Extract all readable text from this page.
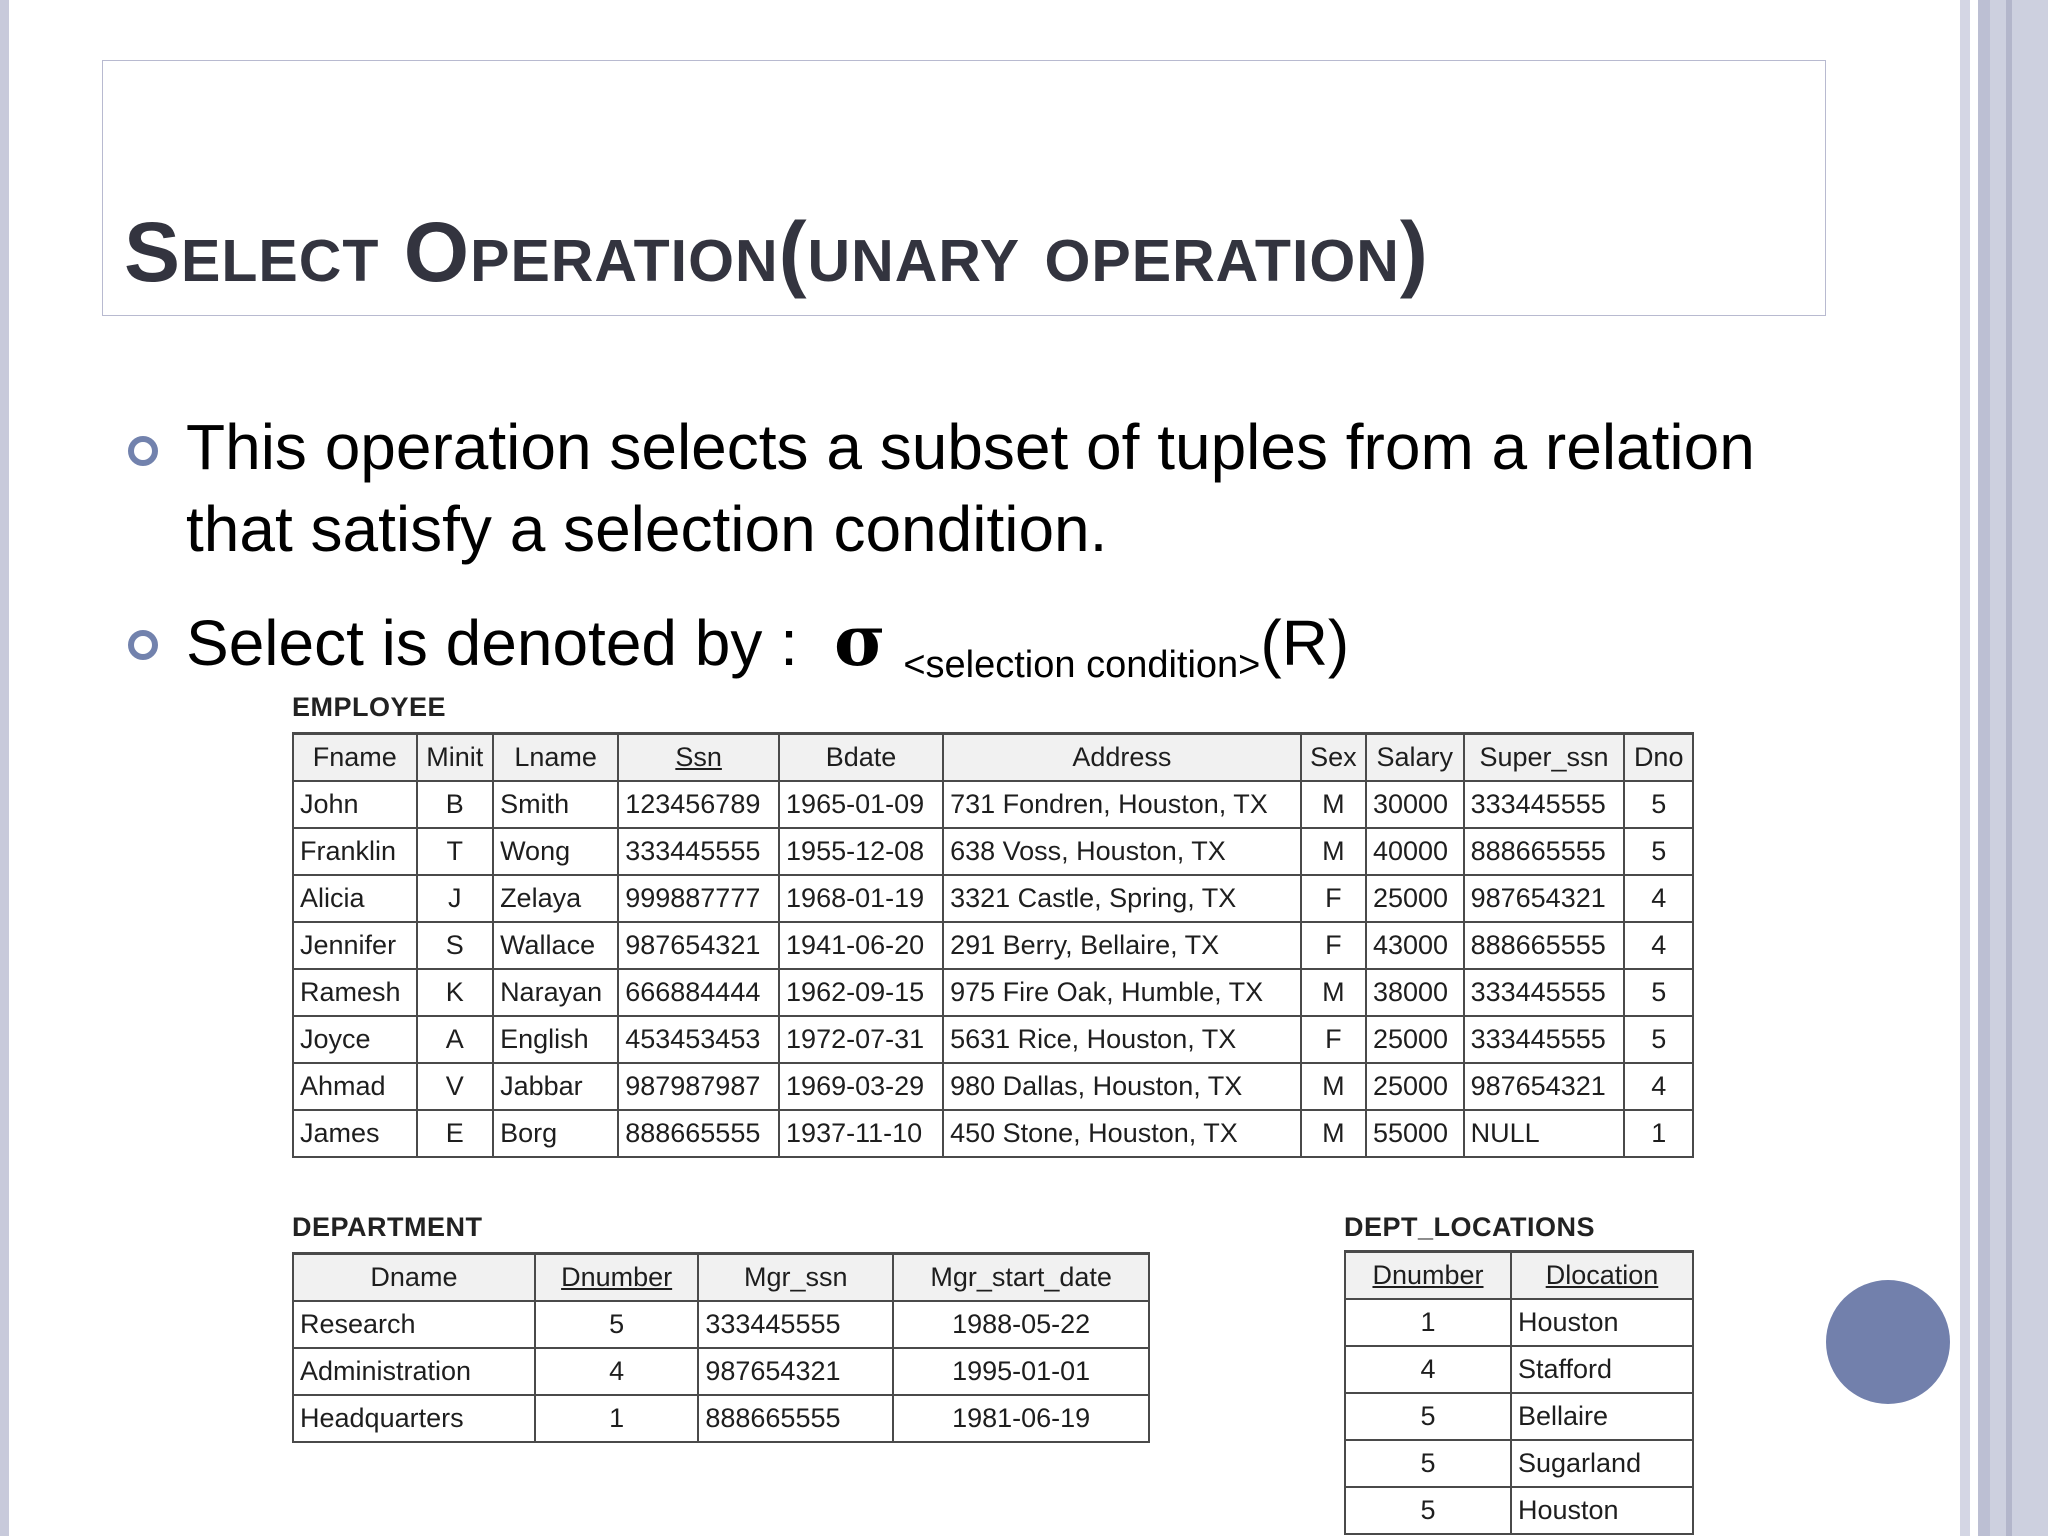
Select Operation(unary operation)
This operation selects a subset of tuples from a relation that satisfy a selection condition.
Select is denoted by : σ $_{<selection condition>}$(R)
EMPLOYEE
Fname	Minit	Lname	Ssn	Bdate	Address	Sex	Salary	Super_ssn	Dno
John	B	Smith	123456789	1965-01-09	731 Fondren, Houston, TX	M	30000	333445555	5
Franklin	T	Wong	333445555	1955-12-08	638 Voss, Houston, TX	M	40000	888665555	5
Alicia	J	Zelaya	999887777	1968-01-19	3321 Castle, Spring, TX	F	25000	987654321	4
Jennifer	S	Wallace	987654321	1941-06-20	291 Berry, Bellaire, TX	F	43000	888665555	4
Ramesh	K	Narayan	666884444	1962-09-15	975 Fire Oak, Humble, TX	M	38000	333445555	5
Joyce	A	English	453453453	1972-07-31	5631 Rice, Houston, TX	F	25000	333445555	5
Ahmad	V	Jabbar	987987987	1969-03-29	980 Dallas, Houston, TX	M	25000	987654321	4
James	E	Borg	888665555	1937-11-10	450 Stone, Houston, TX	M	55000	NULL	1
DEPARTMENT
Dname	Dnumber	Mgr_ssn	Mgr_start_date
Research	5	333445555	1988-05-22
Administration	4	987654321	1995-01-01
Headquarters	1	888665555	1981-06-19
DEPT_LOCATIONS
Dnumber	Dlocation
1	Houston
4	Stafford
5	Bellaire
5	Sugarland
5	Houston
